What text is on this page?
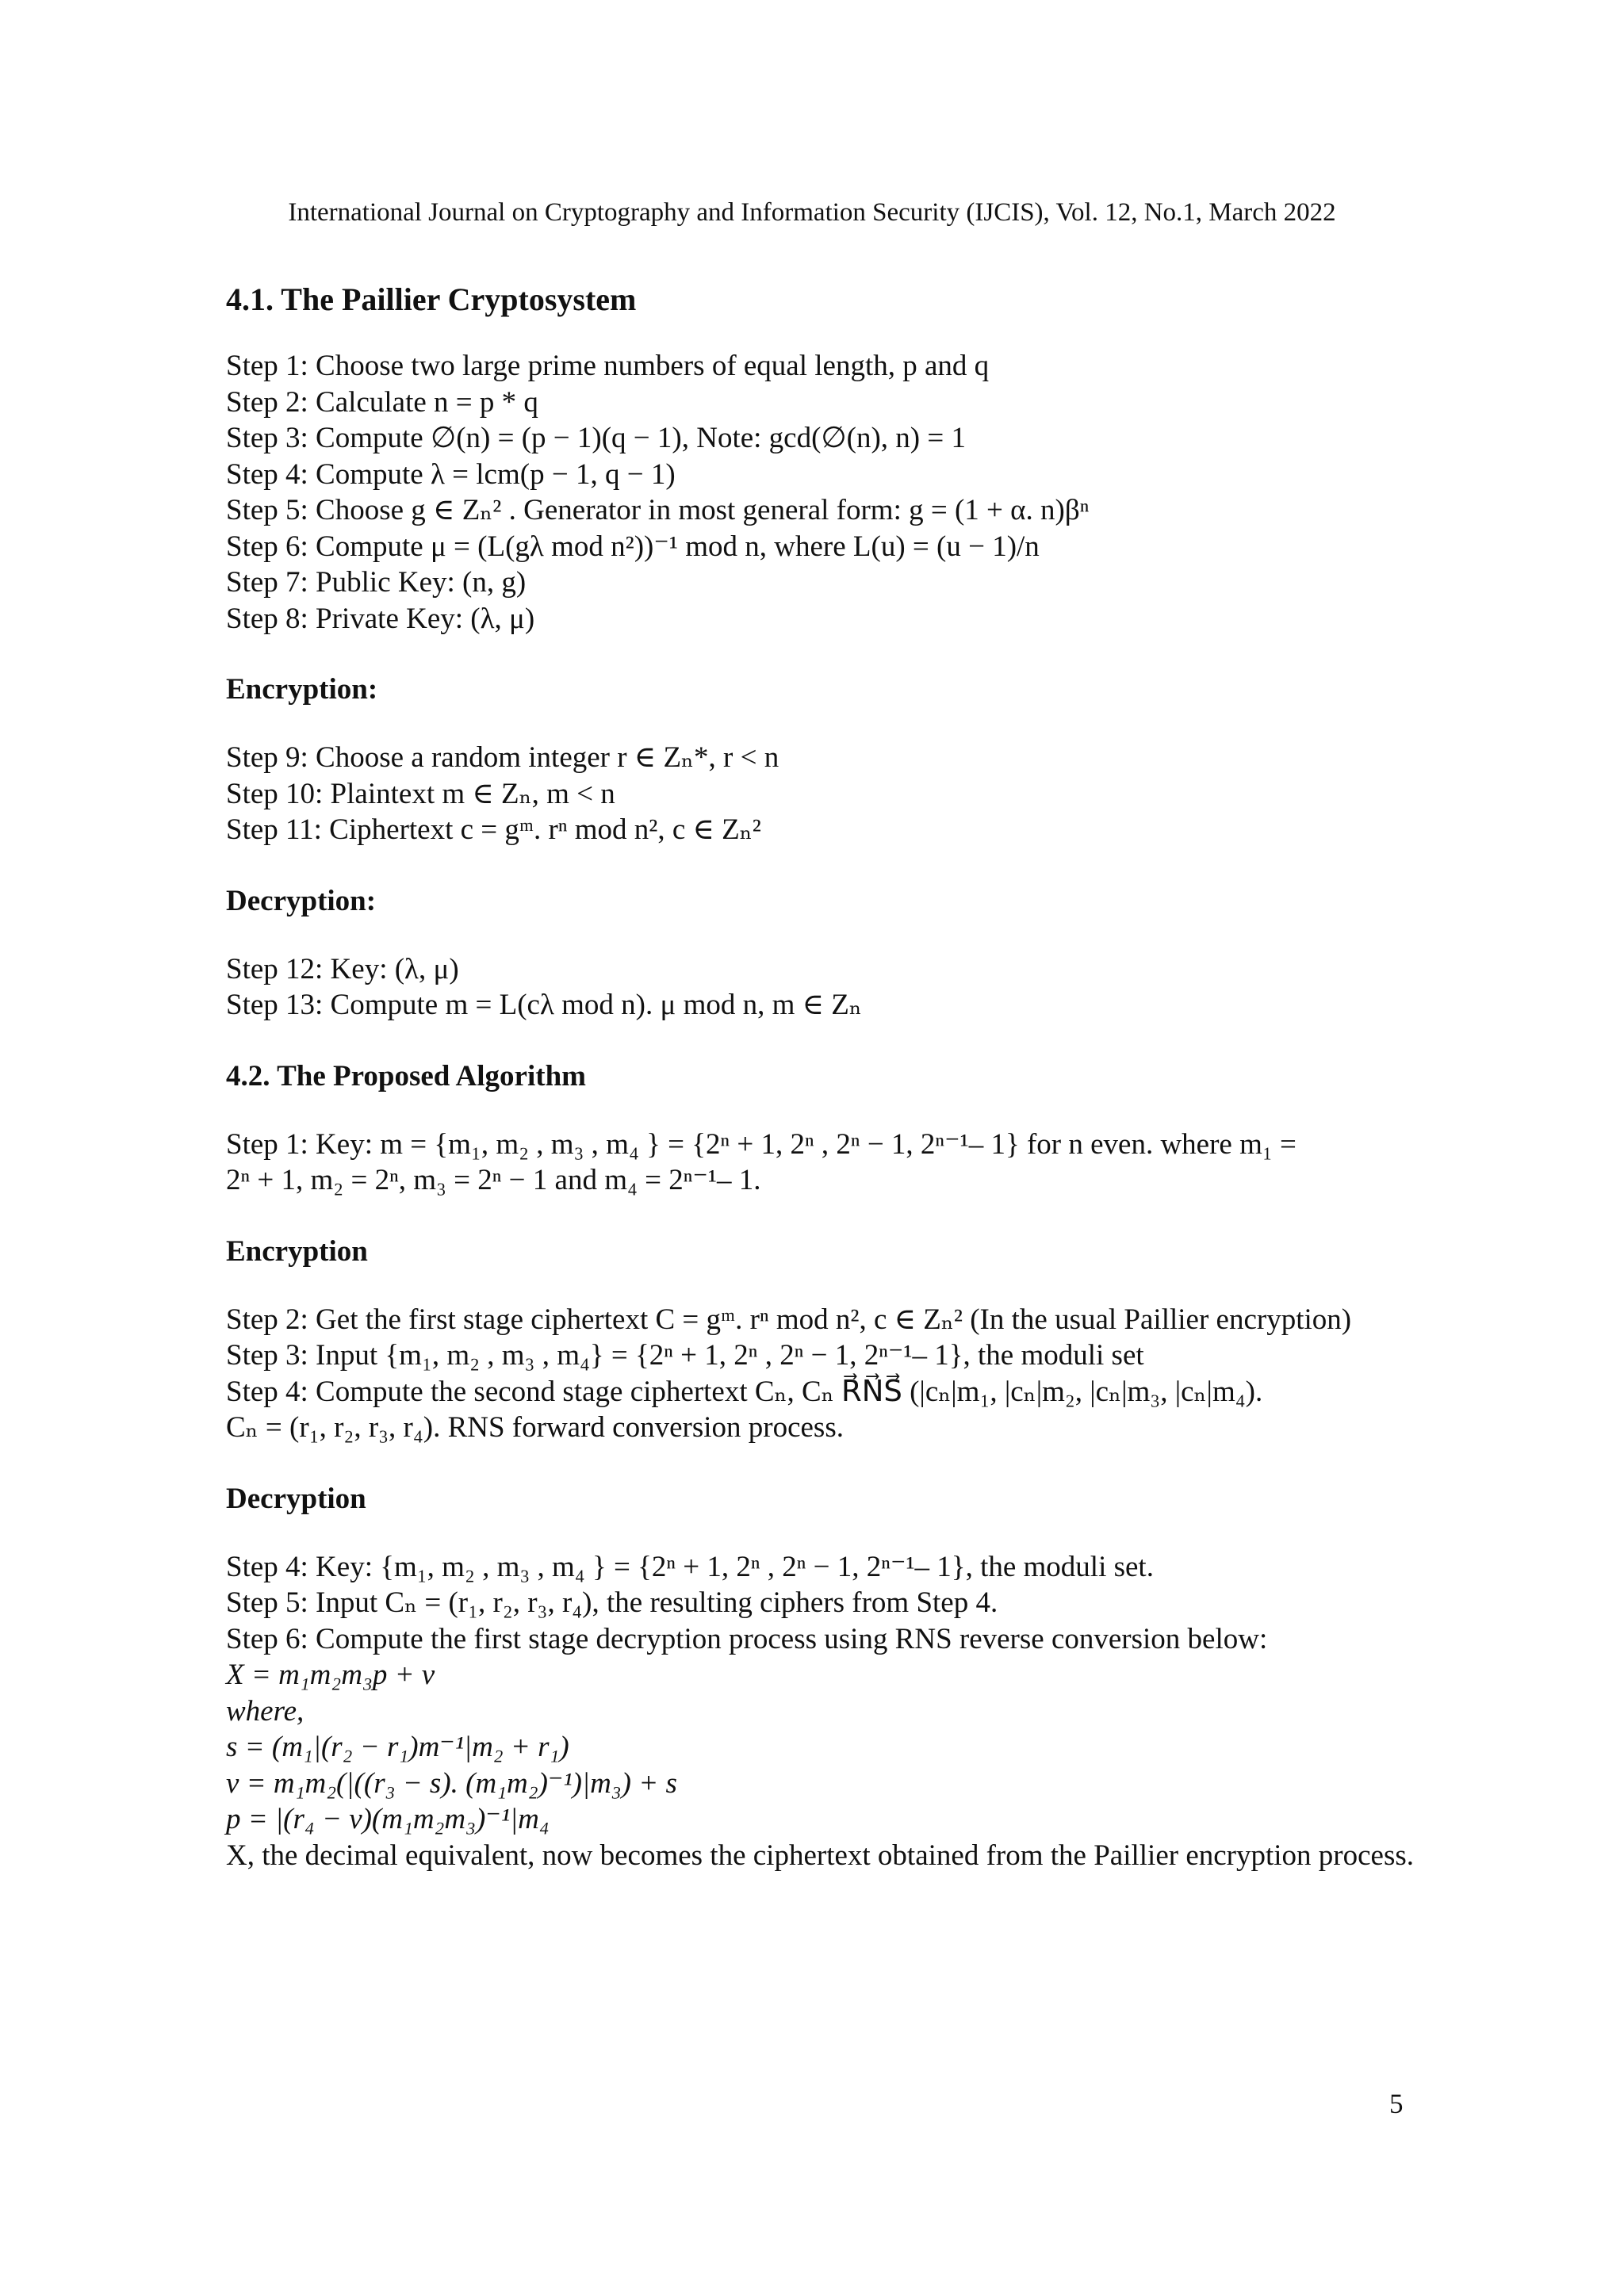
International Journal on Cryptography and Information Security (IJCIS), Vol. 12, No.1, March 2022
4.1. The Paillier Cryptosystem
Step 1: Choose two large prime numbers of equal length, p and q
Step 2: Calculate n = p * q
Step 3: Compute ∅(n) = (p − 1)(q − 1), Note: gcd(∅(n), n) = 1
Step 4: Compute λ = lcm(p − 1, q − 1)
Step 5: Choose g ∈ Zₙ² . Generator in most general form: g = (1 + α. n)βⁿ
Step 6: Compute μ = (L(gλ mod n²))⁻¹ mod n, where L(u) = (u − 1)/n
Step 7: Public Key: (n, g)
Step 8: Private Key: (λ, μ)
Encryption:
Step 9: Choose a random integer r ∈ Zₙ*, r < n
Step 10: Plaintext m ∈ Zₙ, m < n
Step 11: Ciphertext c = gᵐ. rⁿ mod n², c ∈ Zₙ²
Decryption:
Step 12: Key: (λ, μ)
Step 13: Compute m = L(cλ mod n). μ mod n, m ∈ Zₙ
4.2. The Proposed Algorithm
Step 1: Key: m = {m₁, m₂ , m₃ , m₄ } = {2ⁿ + 1, 2ⁿ , 2ⁿ − 1, 2ⁿ⁻¹– 1} for n even. where m₁ =
2ⁿ + 1, m₂ = 2ⁿ, m₃ = 2ⁿ − 1 and m₄ = 2ⁿ⁻¹– 1.
Encryption
Step 2: Get the first stage ciphertext C = gᵐ. rⁿ mod n², c ∈ Zₙ² (In the usual Paillier encryption)
Step 3: Input {m₁, m₂ , m₃ , m₄} = {2ⁿ + 1, 2ⁿ , 2ⁿ − 1, 2ⁿ⁻¹– 1}, the moduli set
Step 4: Compute the second stage ciphertext Cₙ, Cₙ R⃗N⃗S⃗ (|cₙ|m₁, |cₙ|m₂, |cₙ|m₃, |cₙ|m₄).
Cₙ = (r₁, r₂, r₃, r₄). RNS forward conversion process.
Decryption
Step 4: Key: {m₁, m₂ , m₃ , m₄ } = {2ⁿ + 1, 2ⁿ , 2ⁿ − 1, 2ⁿ⁻¹– 1}, the moduli set.
Step 5: Input Cₙ = (r₁, r₂, r₃, r₄), the resulting ciphers from Step 4.
Step 6: Compute the first stage decryption process using RNS reverse conversion below:
X = m₁m₂m₃p + v
where,
s = (m₁|(r₂ − r₁)m⁻¹|m₂ + r₁)
v = m₁m₂(|((r₃ − s). (m₁m₂)⁻¹)|m₃) + s
p = |(r₄ − v)(m₁m₂m₃)⁻¹|m₄
X, the decimal equivalent, now becomes the ciphertext obtained from the Paillier encryption process.
5
